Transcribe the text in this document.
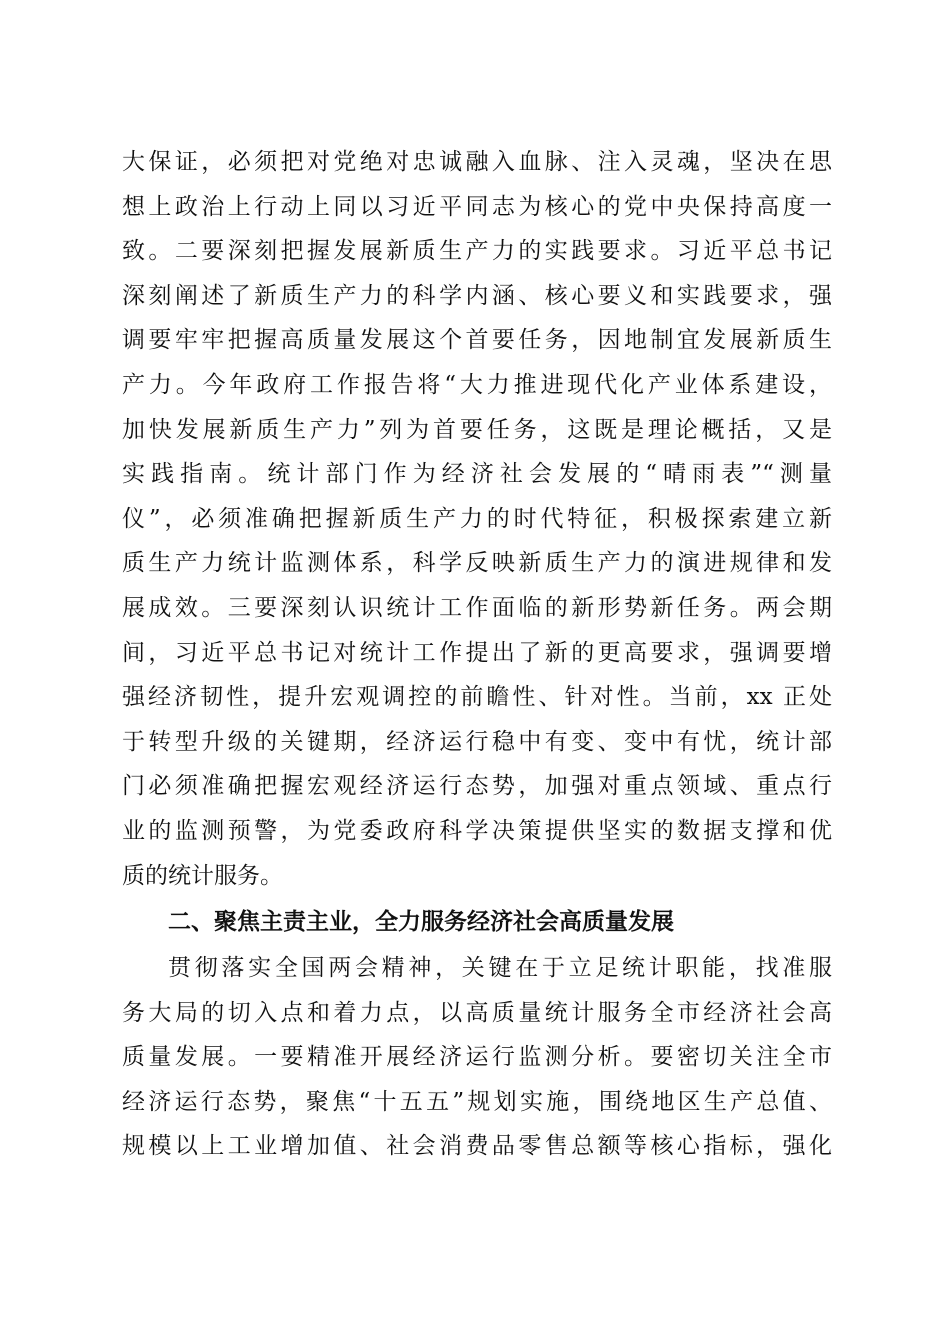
大保证，必须把对党绝对忠诚融入血脉、注入灵魂，坚决在思
想上政治上行动上同以习近平同志为核心的党中央保持高度一
致。二要深刻把握发展新质生产力的实践要求。习近平总书记
深刻阐述了新质生产力的科学内涵、核心要义和实践要求，强
调要牢牢把握高质量发展这个首要任务，因地制宜发展新质生
产力。今年政府工作报告将“大力推进现代化产业体系建设，
加快发展新质生产力”列为首要任务，这既是理论概括，又是
实践指南。统计部门作为经济社会发展的“晴雨表”“测量
仪”，必须准确把握新质生产力的时代特征，积极探索建立新
质生产力统计监测体系，科学反映新质生产力的演进规律和发
展成效。三要深刻认识统计工作面临的新形势新任务。两会期
间，习近平总书记对统计工作提出了新的更高要求，强调要增
强经济韧性，提升宏观调控的前瞻性、针对性。当前，xx 正处
于转型升级的关键期，经济运行稳中有变、变中有忧，统计部
门必须准确把握宏观经济运行态势，加强对重点领域、重点行
业的监测预警，为党委政府科学决策提供坚实的数据支撑和优
质的统计服务。
二、聚焦主责主业，全力服务经济社会高质量发展
贯彻落实全国两会精神，关键在于立足统计职能，找准服
务大局的切入点和着力点，以高质量统计服务全市经济社会高
质量发展。一要精准开展经济运行监测分析。要密切关注全市
经济运行态势，聚焦“十五五”规划实施，围绕地区生产总值、
规模以上工业增加值、社会消费品零售总额等核心指标，强化
